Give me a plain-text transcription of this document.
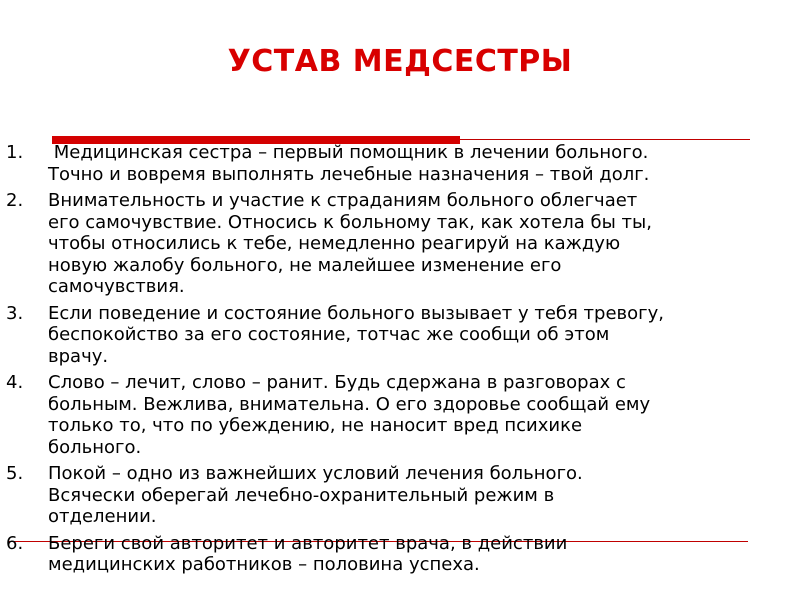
УСТАВ МЕДСЕСТРЫ
1. Медицинская сестра – первый помощник в лечении больного.
Точно и вовремя выполнять лечебные назначения – твой долг.
2. Внимательность и участие к страданиям больного облегчает
его самочувствие. Относись к больному так, как хотела бы ты,
чтобы относились к тебе, немедленно реагируй на каждую
новую жалобу больного, не малейшее изменение его
самочувствия.
3. Если поведение и состояние больного вызывает у тебя тревогу,
беспокойство за его состояние, тотчас же сообщи об этом
врачу.
4. Слово – лечит, слово – ранит. Будь сдержана в разговорах с
больным. Вежлива, внимательна. О его здоровье сообщай ему
только то, что по убеждению, не наносит вред психике
больного.
5. Покой – одно из важнейших условий лечения больного.
Всячески оберегай лечебно-охранительный режим в
отделении.
6. Береги свой авторитет и авторитет врача, в действии
медицинских работников – половина успеха.
